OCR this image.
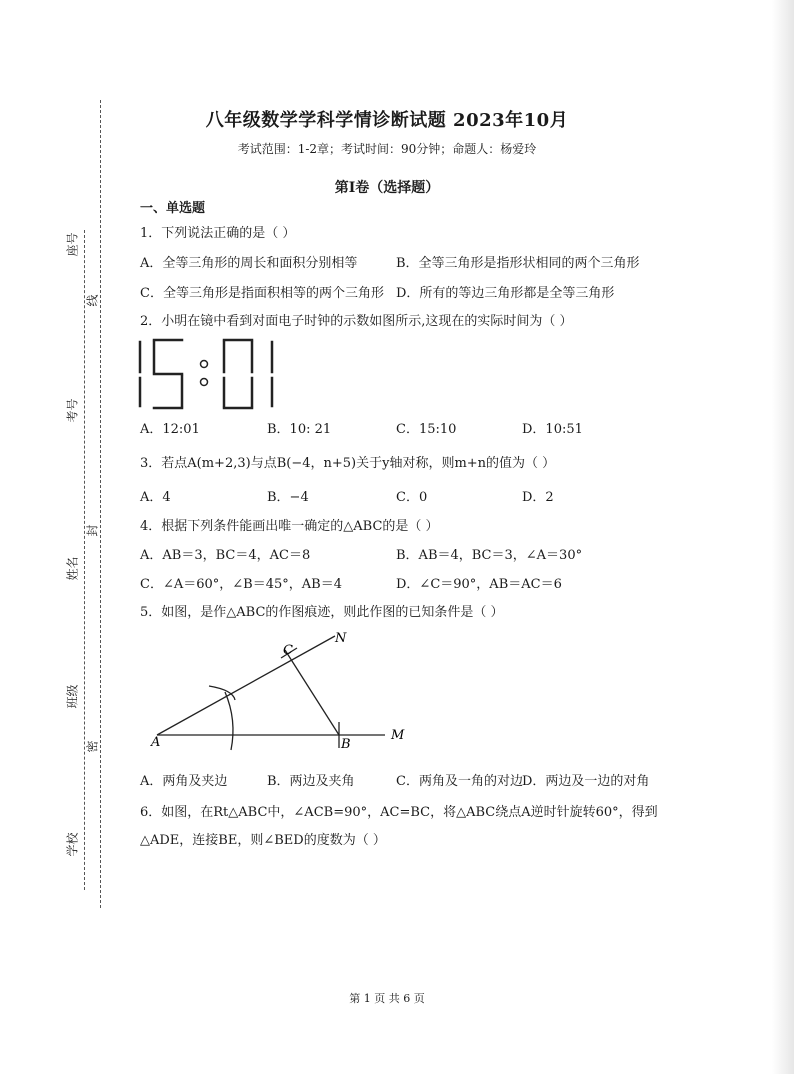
座号
考号
姓名
班级
学校
线
封
密
八年级数学学科学情诊断试题 2023年10月
考试范围：1-2章；考试时间：90分钟；命题人：杨爱玲
第I卷（选择题）
一、单选题
1．下列说法正确的是（ ）
A．全等三角形的周长和面积分别相等	B．全等三角形是指形状相同的两个三角形
C．全等三角形是指面积相等的两个三角形 D．所有的等边三角形都是全等三角形
2．小明在镜中看到对面电子时钟的示数如图所示,这现在的实际时间为（ ）
A．12:01	B．10: 21	C．15:10	D．10:51
3．若点A(m+2,3)与点B(−4，n+5)关于y轴对称，则m+n的值为（ ）
A．4	B．−4	C．0	D．2
4．根据下列条件能画出唯一确定的△ABC的是（ ）
A．AB＝3，BC＝4，AC＝8	B．AB＝4，BC＝3，∠A＝30°
C．∠A＝60°，∠B＝45°，AB＝4	D．∠C＝90°，AB＝AC＝6
5．如图，是作△ABC的作图痕迹，则此作图的已知条件是（ ）
A	B
C
M
N
A．两角及夹边	B．两边及夹角	C．两角及一角的对边 D．两边及一边的对角
6．如图，在Rt△ABC中，∠ACB=90°，AC=BC，将△ABC绕点A逆时针旋转60°，得到
△ADE，连接BE，则∠BED的度数为（ ）
第 1 页 共 6 页
